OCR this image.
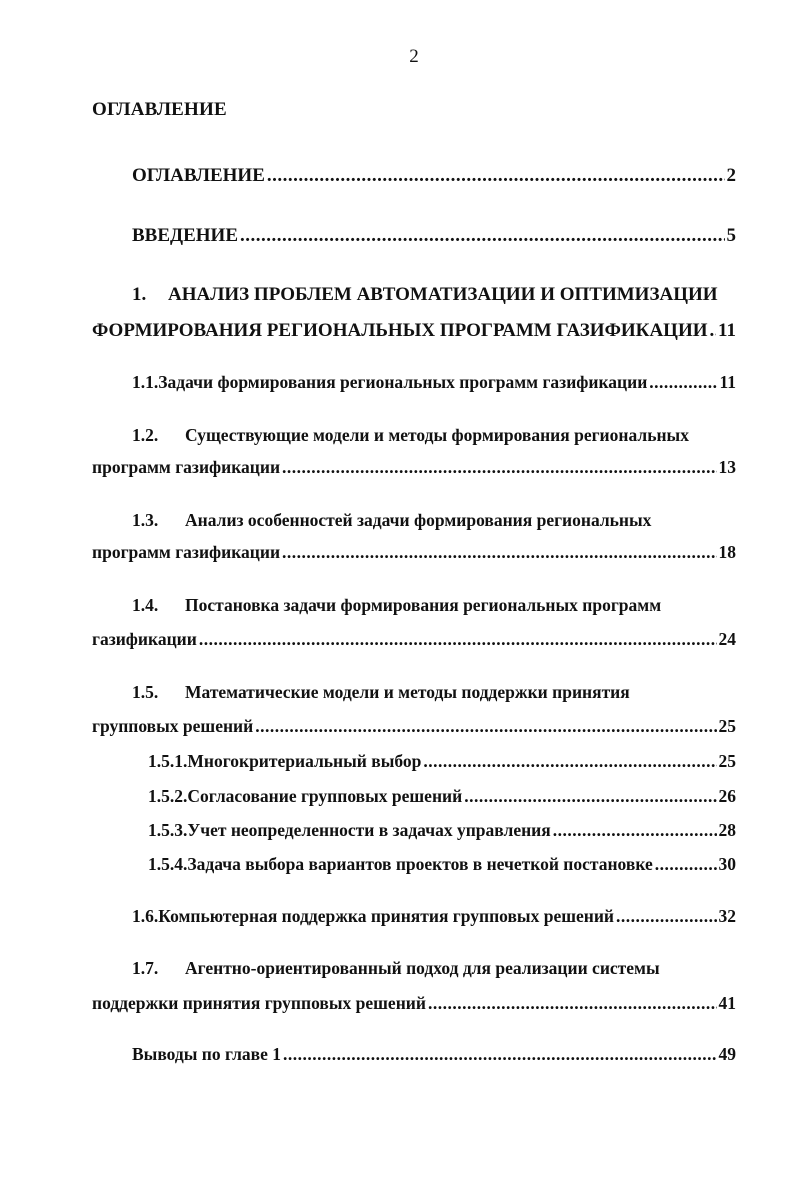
2
ОГЛАВЛЕНИЕ
ОГЛАВЛЕНИЕ .....	2
ВВЕДЕНИЕ .....	5
1.	АНАЛИЗ ПРОБЛЕМ АВТОМАТИЗАЦИИ И ОПТИМИЗАЦИИ
ФОРМИРОВАНИЯ РЕГИОНАЛЬНЫХ ПРОГРАММ ГАЗИФИКАЦИИ ..... 11
1.1. Задачи формирования региональных программ газификации .....	11
1.2.	Существующие модели и методы формирования региональных
программ газификации .....	13
1.3.	Анализ особенностей задачи формирования региональных
программ газификации .....	18
1.4.	Постановка задачи формирования региональных программ
газификации .....	24
1.5.	Математические модели и методы поддержки принятия
групповых решений .....	25
1.5.1. Многокритериальный выбор .....	25
1.5.2. Согласование групповых решений .....	26
1.5.3. Учет неопределенности в задачах управления .....	28
1.5.4. Задача выбора вариантов проектов в нечеткой постановке .....	30
1.6. Компьютерная поддержка принятия групповых решений .....	32
1.7.	Агентно-ориентированный подход для реализации системы
поддержки принятия групповых решений .....	41
Выводы по главе 1 .....	49
